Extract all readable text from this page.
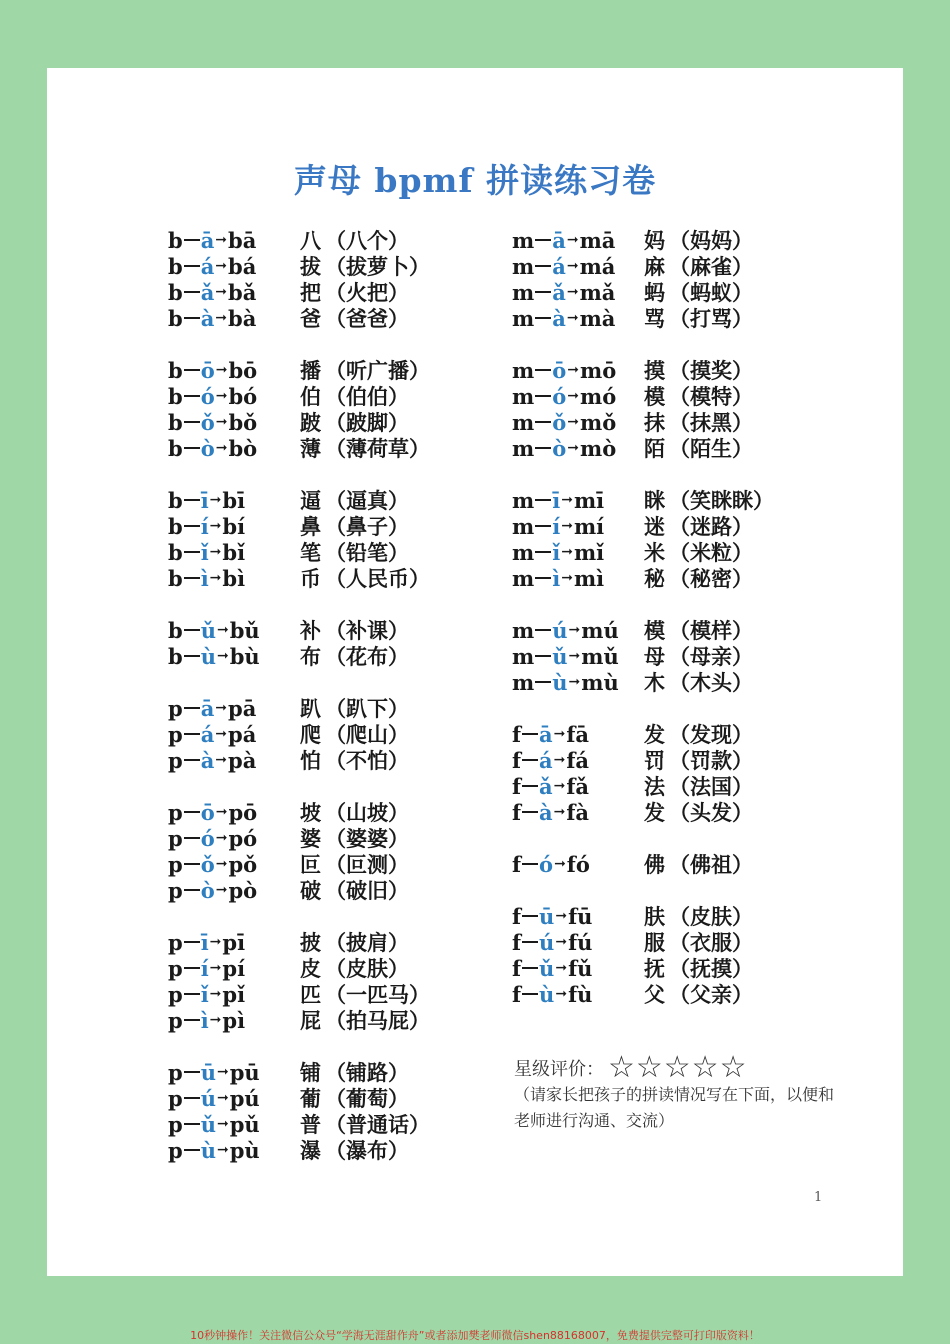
声母 bpmf 拼读练习卷
b ā ➞ bā 八 （八个）
b á ➞ bá 拔 （拔萝卜）
b ǎ ➞ bǎ 把 （火把）
b à ➞ bà 爸 （爸爸）
b ō ➞ bō 播 （听广播）
b ó ➞ bó 伯 （伯伯）
b ǒ ➞ bǒ 跛 （跛脚）
b ò ➞ bò 薄 （薄荷草）
b ī ➞ bī	逼 （逼真）
b í ➞ bí	鼻 （鼻子）
b ǐ ➞ bǐ	笔 （铅笔）
b ì ➞ bì	币 （人民币）
b ǔ ➞ bǔ 补 （补课）
b ù ➞ bù 布 （花布）
p ā ➞ pā 趴 （趴下）
p á ➞ pá 爬 （爬山）
p à ➞ pà 怕 （不怕）
p ō ➞ pō 坡 （山坡）
p ó ➞ pó 婆 （婆婆）
p ǒ ➞ pǒ 叵 （叵测）
p ò ➞ pò 破 （破旧）
p ī ➞ pī	披 （披肩）
p í ➞ pí	皮 （皮肤）
p ǐ ➞ pǐ	匹 （一匹马）
p ì ➞ pì	屁 （拍马屁）
p ū ➞ pū 铺 （铺路）
p ú ➞ pú 葡 （葡萄）
p ǔ ➞ pǔ 普 （普通话）
p ù ➞ pù 瀑 （瀑布）
m ā ➞ mā 妈 （妈妈）
m á ➞ má 麻 （麻雀）
m ǎ ➞ mǎ 蚂 （蚂蚁）
m à ➞ mà 骂 （打骂）
m ō ➞ mō 摸 （摸奖）
m ó ➞ mó 模 （模特）
m ǒ ➞ mǒ 抹 （抹黑）
m ò ➞ mò 陌 （陌生）
m ī ➞ mī 眯 （笑眯眯）
m í ➞ mí 迷 （迷路）
m ǐ ➞ mǐ 米 （米粒）
m ì ➞ mì 秘 （秘密）
m ú ➞ mú 模 （模样）
m ǔ ➞ mǔ 母 （母亲）
m ù ➞ mù 木 （木头）
f ā ➞ fā	发 （发现）
f á ➞ fá	罚 （罚款）
f ǎ ➞ fǎ	法 （法国）
f à ➞ fà	发 （头发）
f ó ➞ fó	佛 （佛祖）
f ū ➞ fū 肤 （皮肤）
f ú ➞ fú 服 （衣服）
f ǔ ➞ fǔ 抚 （抚摸）
f ù ➞ fù 父 （父亲）
星级评价： ☆☆☆☆☆
（请家长把孩子的拼读情况写在下面，以便和老师进行沟通、交流）
1
10秒钟操作！关注微信公众号“学海无涯甜作舟”或者添加樊老师微信shen88168007，免费提供完整可打印版资料！
